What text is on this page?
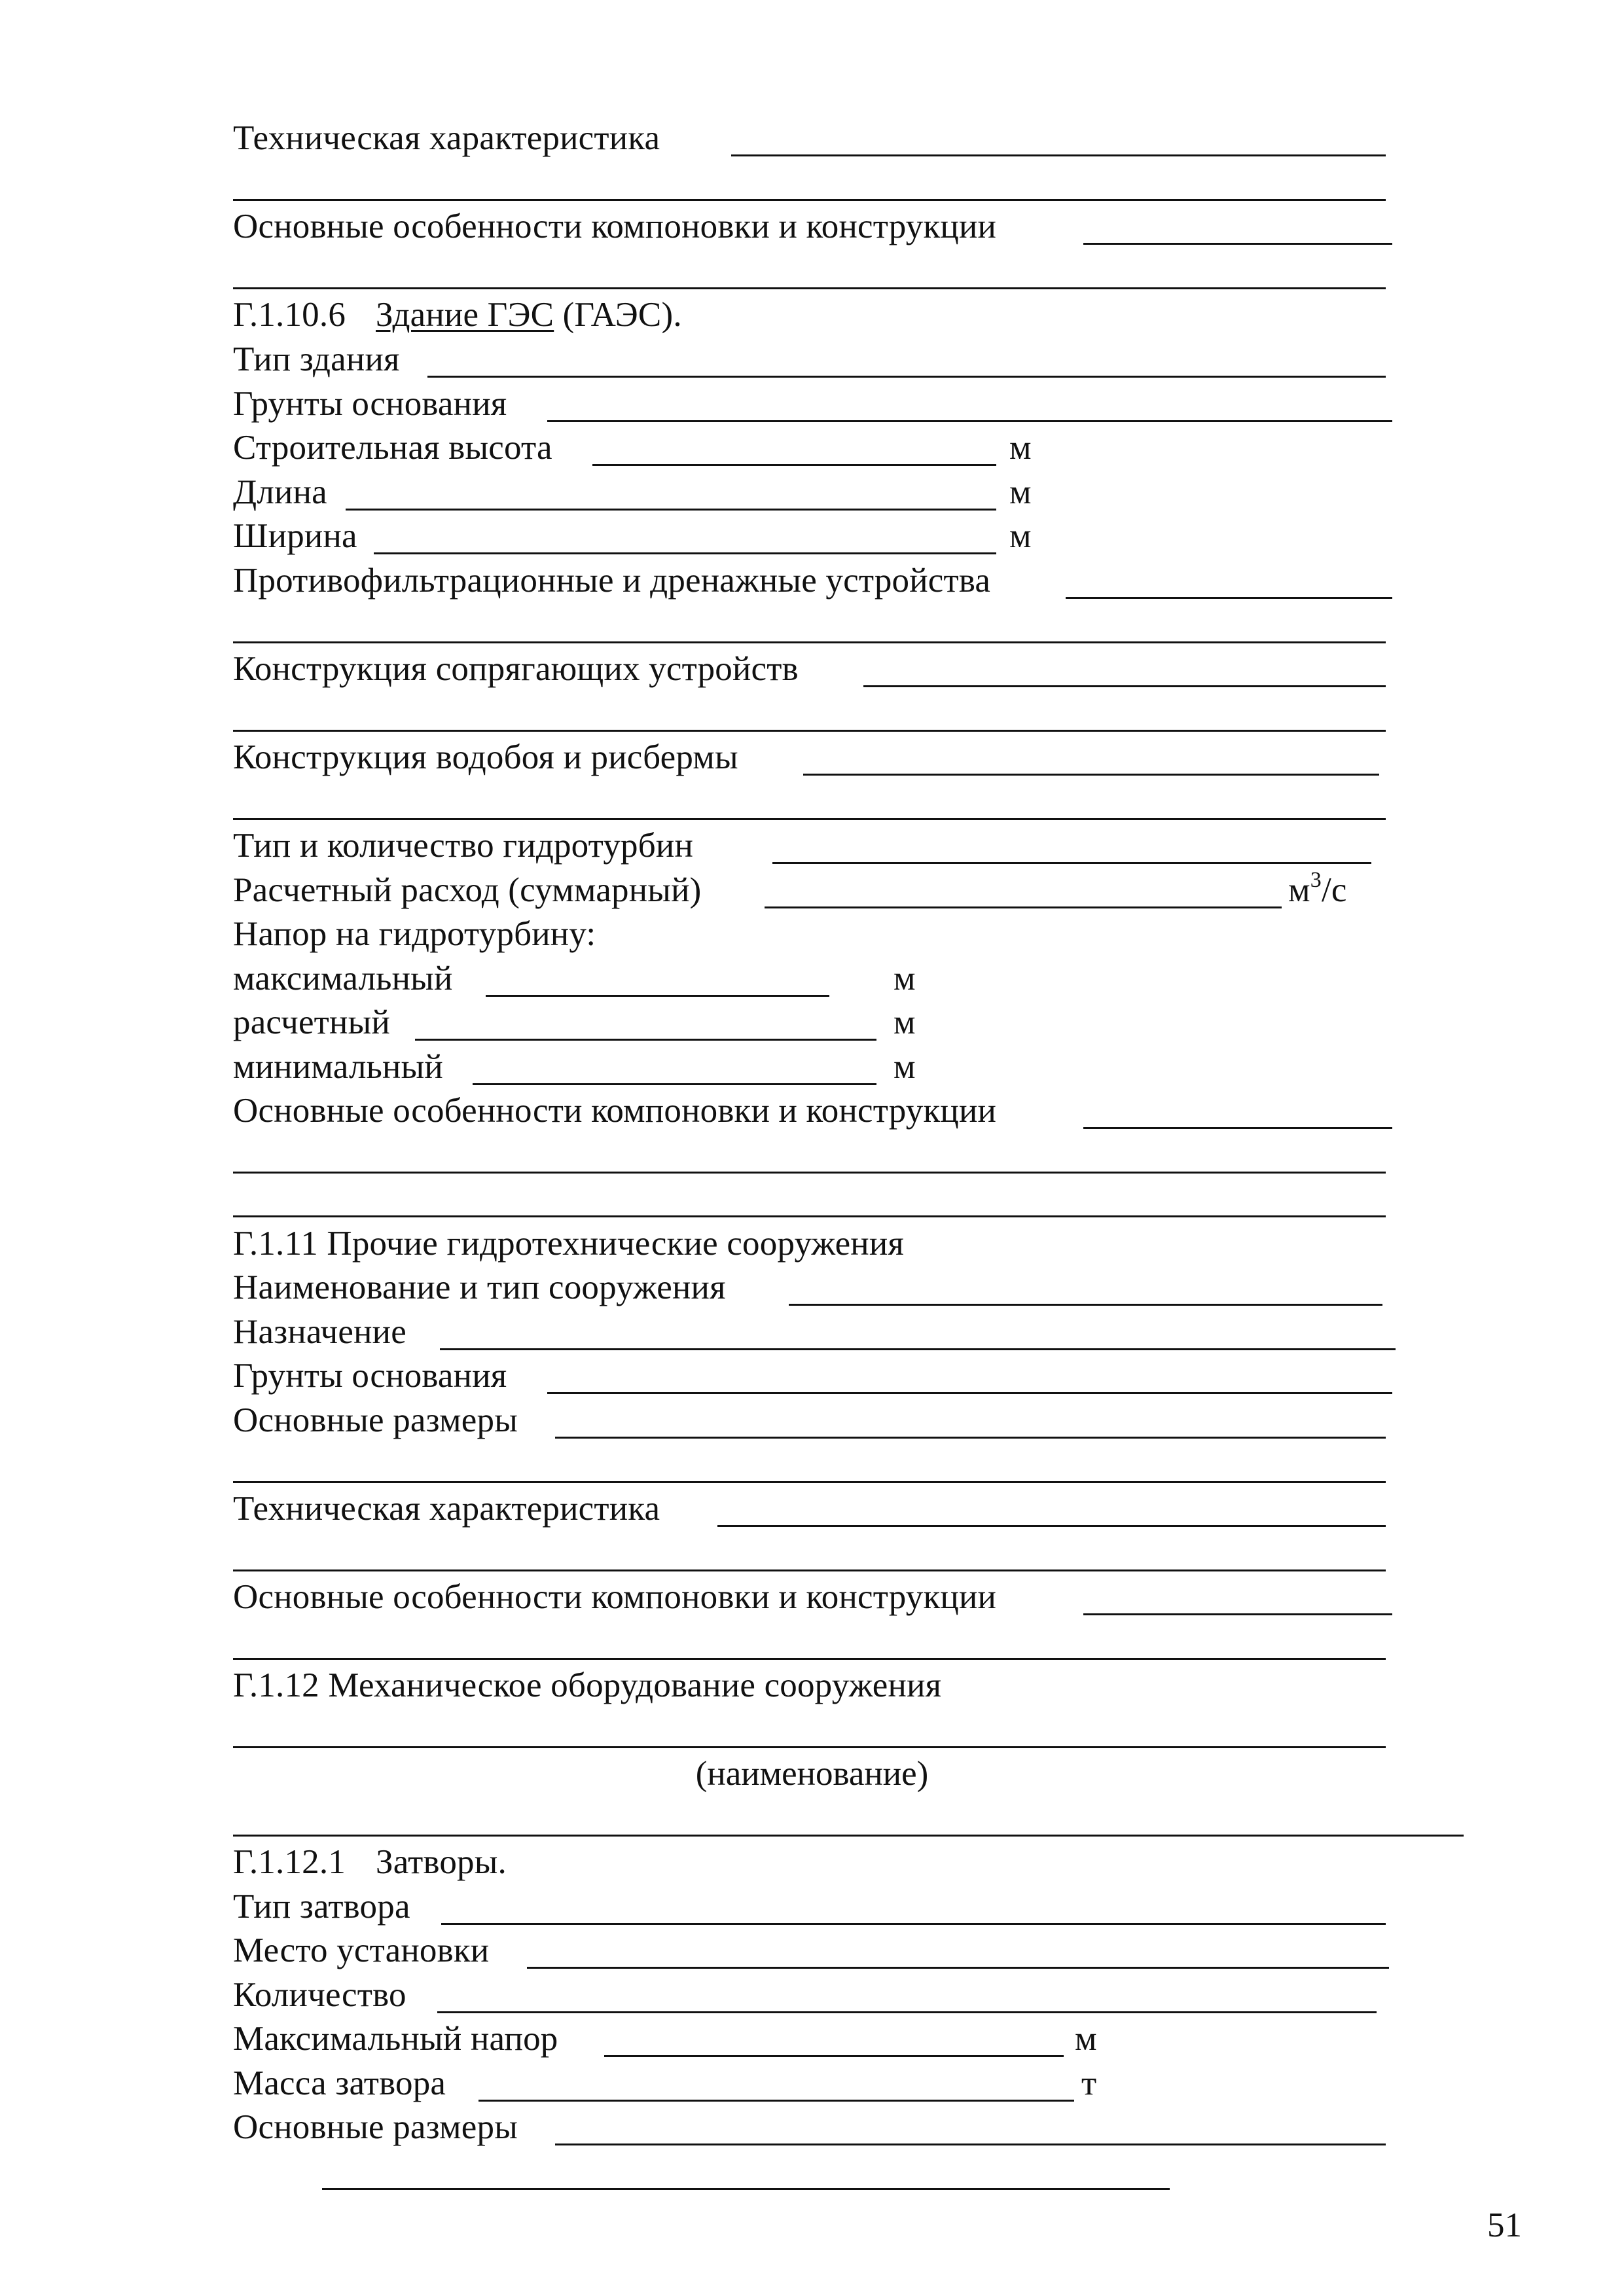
Техническая характеристика
Основные особенности компоновки и конструкции
Г.1.10.6 Здание ГЭС (ГАЭС).
Тип здания
Грунты основания
Строительная высота	м
Длина	м
Ширина	м
Противофильтрационные и дренажные устройства
Конструкция сопрягающих устройств
Конструкция водобоя и рисбермы
Тип и количество гидротурбин
Расчетный расход (суммарный)	$м^3/с$
Напор на гидротурбину:
максимальный	м
расчетный	м
минимальный	м
Основные особенности компоновки и конструкции
Г.1.11 Прочие гидротехнические сооружения
Наименование и тип сооружения
Назначение
Грунты основания
Основные размеры
Техническая характеристика
Основные особенности компоновки и конструкции
Г.1.12 Механическое оборудование сооружения
(наименование)
Г.1.12.1 Затворы.
Тип затвора
Место установки
Количество
Максимальный напор	м
Масса затвора	т
Основные размеры
51
